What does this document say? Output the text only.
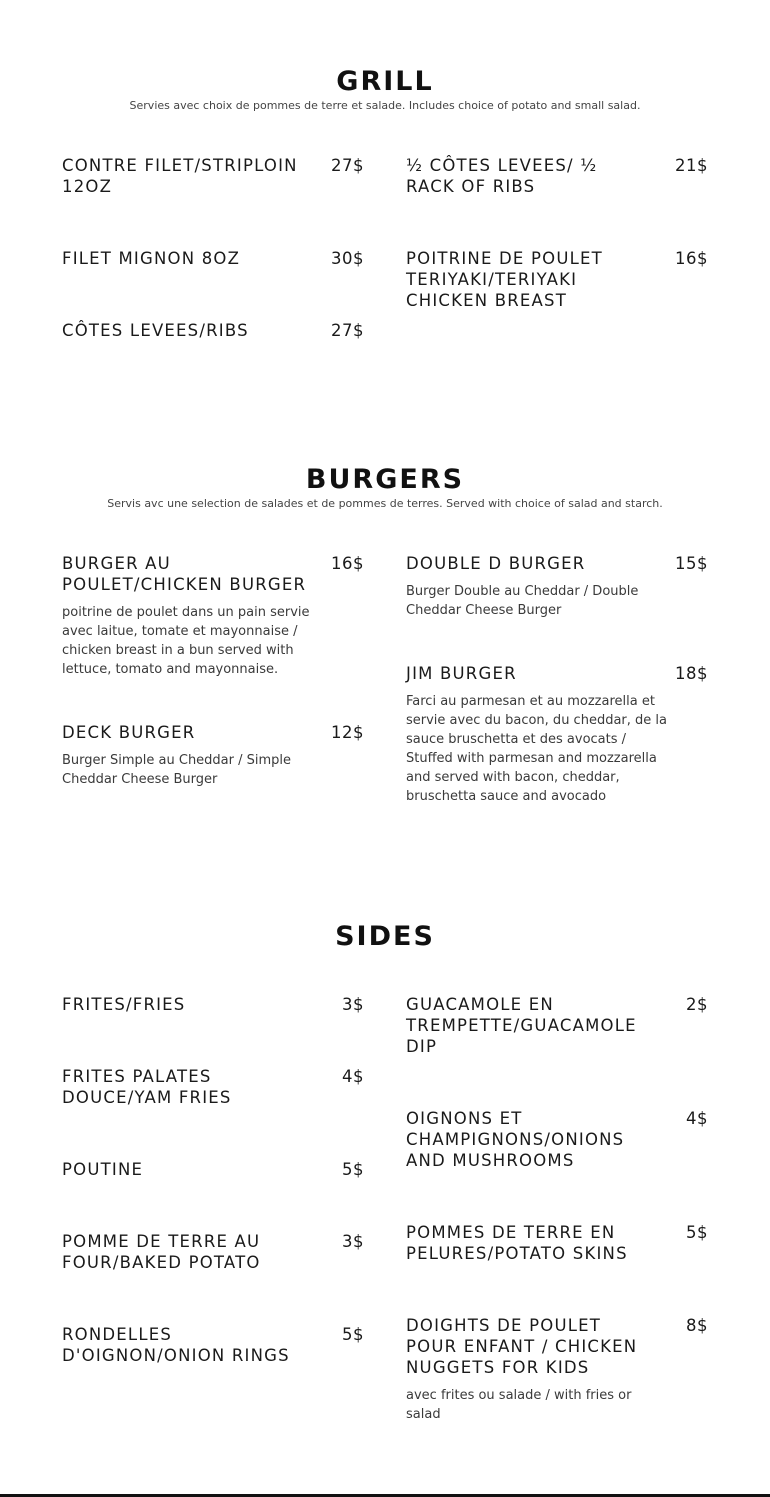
GRILL

Servies avec choix de pommes de terre et salade. Includes choice of potato and small salad.

CONTRE FILET/STRIPLOIN 12OZ
27$
FILET MIGNON 8OZ	30$
CÔTES LEVEES/RIBS	27$
½ CÔTES LEVEES/ ½ RACK OF RIBS
21$
POITRINE DE POULET TERIYAKI/TERIYAKI CHICKEN BREAST
16$
BURGERS

Servis avc une selection de salades et de pommes de terres. Served with choice of salad and starch.

BURGER AU POULET/CHICKEN BURGER
16$
poitrine de poulet dans un pain servie avec laitue, tomate et mayonnaise / chicken breast in a bun served with lettuce, tomato and mayonnaise.
DECK BURGER	12$
Burger Simple au Cheddar / Simple Cheddar Cheese Burger
DOUBLE D BURGER	15$
Burger Double au Cheddar / Double Cheddar Cheese Burger
JIM BURGER	18$
Farci au parmesan et au mozzarella et servie avec du bacon, du cheddar, de la sauce bruschetta et des avocats / Stuffed with parmesan and mozzarella and served with bacon, cheddar, bruschetta sauce and avocado
SIDES
FRITES/FRIES	3$
FRITES PALATES DOUCE/YAM FRIES
4$
POUTINE	5$
POMME DE TERRE AU FOUR/BAKED POTATO
3$
RONDELLES D'OIGNON/ONION RINGS
5$
GUACAMOLE EN TREMPETTE/GUACAMOLE DIP
2$
OIGNONS ET CHAMPIGNONS/ONIONS AND MUSHROOMS
4$
POMMES DE TERRE EN PELURES/POTATO SKINS
5$
DOIGHTS DE POULET POUR ENFANT / CHICKEN NUGGETS FOR KIDS
8$
avec frites ou salade / with fries or salad
